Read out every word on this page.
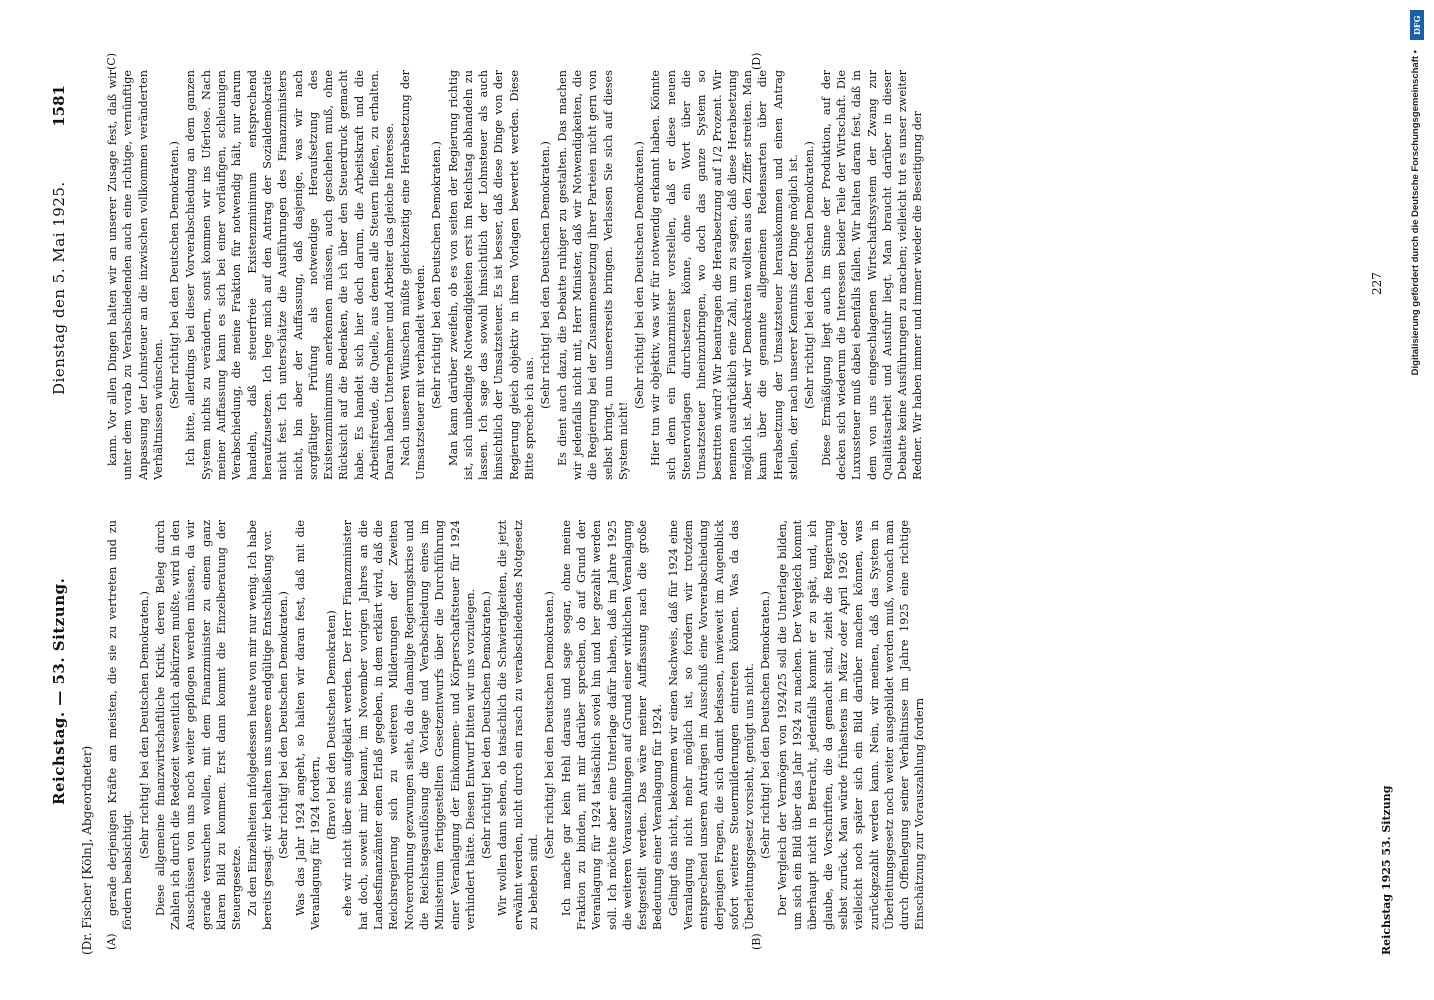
Reichstag. — 53. Sitzung.
Dienstag den 5. Mai 1925.
1581
(Dr. Fischer [Köln], Abgeordneter) gerade derjenigen Kräfte am meisten, die sie zu vertreten und zu fördern beabsichtigt.

(Sehr richtig! bei den Deutschen Demokraten.) Diese allgemeine finanzwirtschaftliche Kritik, deren Beleg durch Zahlen ich durch die Redezeit wesentlich abkürzen mußte, wird in den Ausschüssen von uns noch weiter gepflogen werden müssen, da wir gerade versuchen wollen, mit dem Finanzminister zu einem ganz klaren Bild zu kommen. Erst dann kommt die Einzelberatung der Steuergesetze. Zu den Einzelheiten infolgedessen heute von mir nur wenig. Ich habe bereits gesagt: wir behalten uns unsere endgültige Entschließung vor. (Sehr richtig! bei den Deutschen Demokraten.) Was das Jahr 1924 angeht, so halten wir daran fest, daß mit die Veranlagung für 1924 fordern,

(Bravo! bei den Deutschen Demokraten) ehe wir nicht über eins aufgeklärt werden. Der Herr Finanzminister hat doch, soweit mir bekannt, im November vorigen Jahres an die Landesfinanzämter einen Erlaß gegeben, in dem erklärt wird, daß die Reichsregierung sich zu weiteren Milderungen der Zweiten Notverordnung gezwungen sieht, da die damalige Regierungskrise und die Reichstagsauflösung die Vorlage und Verabschiedung eines im Ministerium fertiggestellten Gesetzentwurfs über die Durchführung einer Veranlagung der Einkommen- und Körperschaftsteuer für 1924 verhindert hätte. Diesen Entwurf bitten wir uns vorzulegen. (Sehr richtig! bei den Deutschen Demokraten.) Wir wollen dann sehen, ob tatsächlich die Schwierigkeiten, die jetzt erwähnt werden, nicht durch ein rasch zu verabschiedendes Notgesetz zu beheben sind.

(Sehr richtig! bei den Deutschen Demokraten.) Ich mache gar kein Hehl daraus und sage sogar, ohne meine Fraktion zu binden, mit mir darüber sprechen, ob auf Grund der Veranlagung für 1924 tatsächlich soviel hin und her gezahlt werden soll. Ich möchte aber eine Unterlage dafür haben, daß im Jahre 1925 die weiteren Vorauszahlungen auf Grund einer wirklichen Veranlagung festgestellt werden. Das wäre meiner Auffassung nach die große Bedeutung einer Veranlagung für 1924. Gelingt das nicht, bekommen wir einen Nachweis, daß für 1924 eine Veranlagung nicht mehr möglich ist, so fordern wir trotzdem entsprechend unseren Anträgen im Ausschuß eine Vorverabschiedung derjenigen Fragen, die sich damit befassen, inwieweit im Augenblick sofort weitere Steuermilderungen eintreten können. Was da das Überleitungsgesetz vorsieht, genügt uns nicht. (Sehr richtig! bei den Deutschen Demokraten.) Der Vergleich der Vermögen von 1924/25 soll die Unterlage bilden, um sich ein Bild über das Jahr 1924 zu machen. Der Vergleich kommt überhaupt nicht in Betracht, jedenfalls kommt er zu spät, und, ich glaube, die Vorschriften, die da gemacht sind, zieht die Regierung selbst zurück. Man würde frühestens im März oder April 1926 oder vielleicht noch später sich ein Bild darüber machen können, was zurückgezahlt werden kann. Nein, wir meinen, daß das System in Überleitungsgesetz noch weiter ausgebildet werden muß, wonach man durch Offenlegung seiner Verhältnisse im Jahre 1925 eine richtige Einschätzung zur Vorauszahlung fordern

kann. Vor allen Dingen halten wir an unserer Zusage fest, daß wir unter dem vorab zu Verabschiedenden auch eine richtige, vernünftige Anpassung der Lohnsteuer an die inzwischen vollkommen veränderten Verhältnissen wünschen.

(Sehr richtig! bei den Deutschen Demokraten.) Ich bitte, allerdings bei dieser Vorverabschiedung an dem ganzen System nichts zu verändern, sonst kommen wir ins Uferlose. Nach meiner Auffassung kann es sich bei einer vorläufigen, schleunigen Verabschiedung, die meine Fraktion für notwendig hält, nur darum handeln, daß steuerfreie Existenzminimum entsprechend heraufzusetzen. Ich lege mich auf den Antrag der Sozialdemokratie nicht fest. Ich unterschätze die Ausführungen des Finanzministers nicht, bin aber der Auffassung, daß dasjenige, was wir nach sorgfältiger Prüfung als notwendige Heraufsetzung des Existenzminimums anerkennen müssen, auch geschehen muß, ohne Rücksicht auf die Bedenken, die ich über den Steuerdruck gemacht habe. Es handelt sich hier doch darum, die Arbeitskraft und die Arbeitsfreude, die Quelle, aus denen alle Steuern fließen, zu erhalten. Daran haben Unternehmer und Arbeiter das gleiche Interesse. Nach unseren Wünschen müßte gleichzeitig eine Herabsetzung der Umsatzsteuer mit verhandelt werden. (Sehr richtig! bei den Deutschen Demokraten.) Man kann darüber zweifeln, ob es von seiten der Regierung richtig ist, sich unbedingte Notwendigkeiten erst im Reichstag abhandeln zu lassen. Ich sage das sowohl hinsichtlich der Lohnsteuer als auch hinsichtlich der Umsatzsteuer. Es ist besser, daß diese Dinge von der Regierung gleich objektiv in ihren Vorlagen bewertet werden. Diese Bitte spreche ich aus.

(Sehr richtig! bei den Deutschen Demokraten.) Es dient auch dazu, die Debatte ruhiger zu gestalten. Das machen wir jedenfalls nicht mit, Herr Minister, daß wir Notwendigkeiten, die die Regierung bei der Zusammensetzung ihrer Parteien nicht gern von selbst bringt, nun unsererseits bringen. Verlassen Sie sich auf dieses System nicht!

(Sehr richtig! bei den Deutschen Demokraten.) Hier tun wir objektiv, was wir für notwendig erkannt haben. Könnte sich denn ein Finanzminister vorstellen, daß er diese neuen Steuervorlagen durchsetzen könne, ohne ein Wort über die Umsatzsteuer hineinzubringen, wo doch das ganze System so bestritten wird? Wir beantragen die Herabsetzung auf 1/2 Prozent. Wir nennen ausdrücklich eine Zahl, um zu sagen, daß diese Herabsetzung möglich ist. Aber wir Demokraten wollten aus den Ziffer streiten. Man kann über die genannte allgemeinen Redensarten über die Herabsetzung der Umsatzsteuer herauskommen und einen Antrag stellen, der nach unserer Kenntnis der Dinge möglich ist. (Sehr richtig! bei den Deutschen Demokraten.) Diese Ermäßigung liegt auch im Sinne der Produktion, auf der decken sich wiederum die Interessen beider Teile der Wirtschaft. Die Luxussteuer muß dabei ebenfalls fallen. Wir halten daran fest, daß in dem von uns eingeschlagenen Wirtschaftssystem der Zwang zur Qualitätsarbeit und Ausfuhr liegt. Man braucht darüber in dieser Debatte keine Ausführungen zu machen; vielleicht tut es unser zweiter Redner. Wir haben immer und immer wieder die Beseitigung der

(A)	(B)
(C)	(D)
Reichstag 1925 53. Sitzung
227
DFG
Digitalisierung gefördert durch die Deutsche Forschungsgemeinschaft •
